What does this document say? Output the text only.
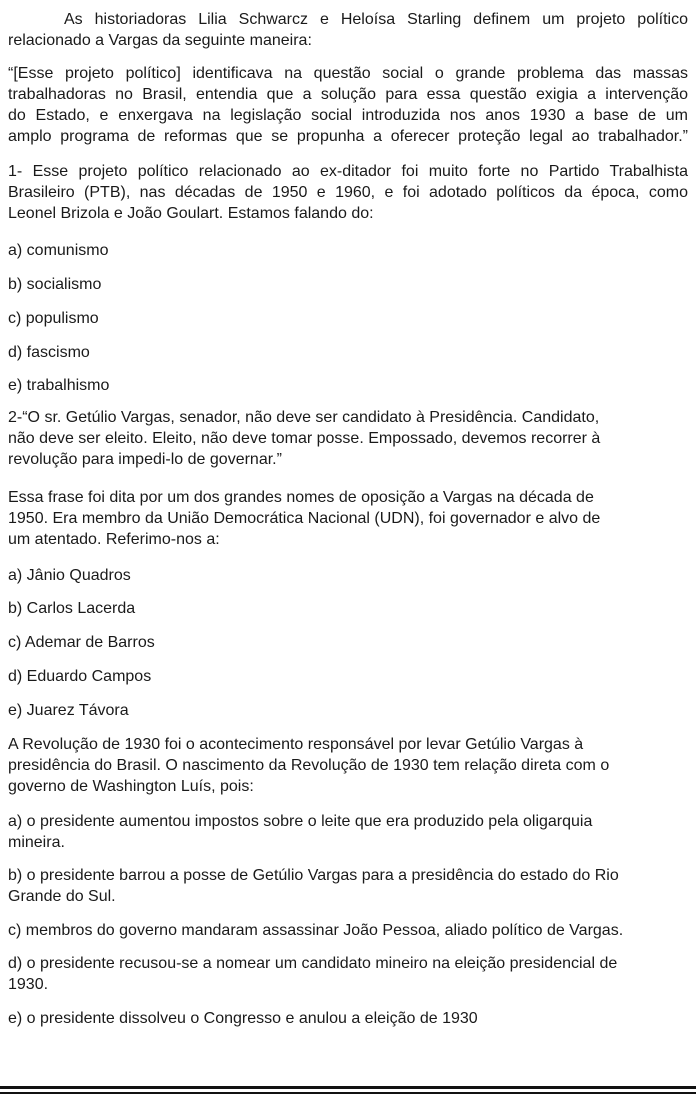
As historiadoras Lilia Schwarcz e Heloísa Starling definem um projeto político
relacionado a Vargas da seguinte maneira:
“[Esse projeto político] identificava na questão social o grande problema das massas
trabalhadoras no Brasil, entendia que a solução para essa questão exigia a intervenção
do Estado, e enxergava na legislação social introduzida nos anos 1930 a base de um
amplo programa de reformas que se propunha a oferecer proteção legal ao trabalhador.”
1- Esse projeto político relacionado ao ex-ditador foi muito forte no Partido Trabalhista
Brasileiro (PTB), nas décadas de 1950 e 1960, e foi adotado políticos da época, como
Leonel Brizola e João Goulart. Estamos falando do:

a) comunismo

b) socialismo

c) populismo

d) fascismo

e) trabalhismo

2-“O sr. Getúlio Vargas, senador, não deve ser candidato à Presidência. Candidato,
não deve ser eleito. Eleito, não deve tomar posse. Empossado, devemos recorrer à
revolução para impedi-lo de governar.”
Essa frase foi dita por um dos grandes nomes de oposição a Vargas na década de
1950. Era membro da União Democrática Nacional (UDN), foi governador e alvo de
um atentado. Referimo-nos a:

a) Jânio Quadros

b) Carlos Lacerda

c) Ademar de Barros

d) Eduardo Campos

e) Juarez Távora

A Revolução de 1930 foi o acontecimento responsável por levar Getúlio Vargas à
presidência do Brasil. O nascimento da Revolução de 1930 tem relação direta com o
governo de Washington Luís, pois:
a) o presidente aumentou impostos sobre o leite que era produzido pela oligarquia
mineira.
b) o presidente barrou a posse de Getúlio Vargas para a presidência do estado do Rio
Grande do Sul.
c) membros do governo mandaram assassinar João Pessoa, aliado político de Vargas.
d) o presidente recusou-se a nomear um candidato mineiro na eleição presidencial de
1930.
e) o presidente dissolveu o Congresso e anulou a eleição de 1930
